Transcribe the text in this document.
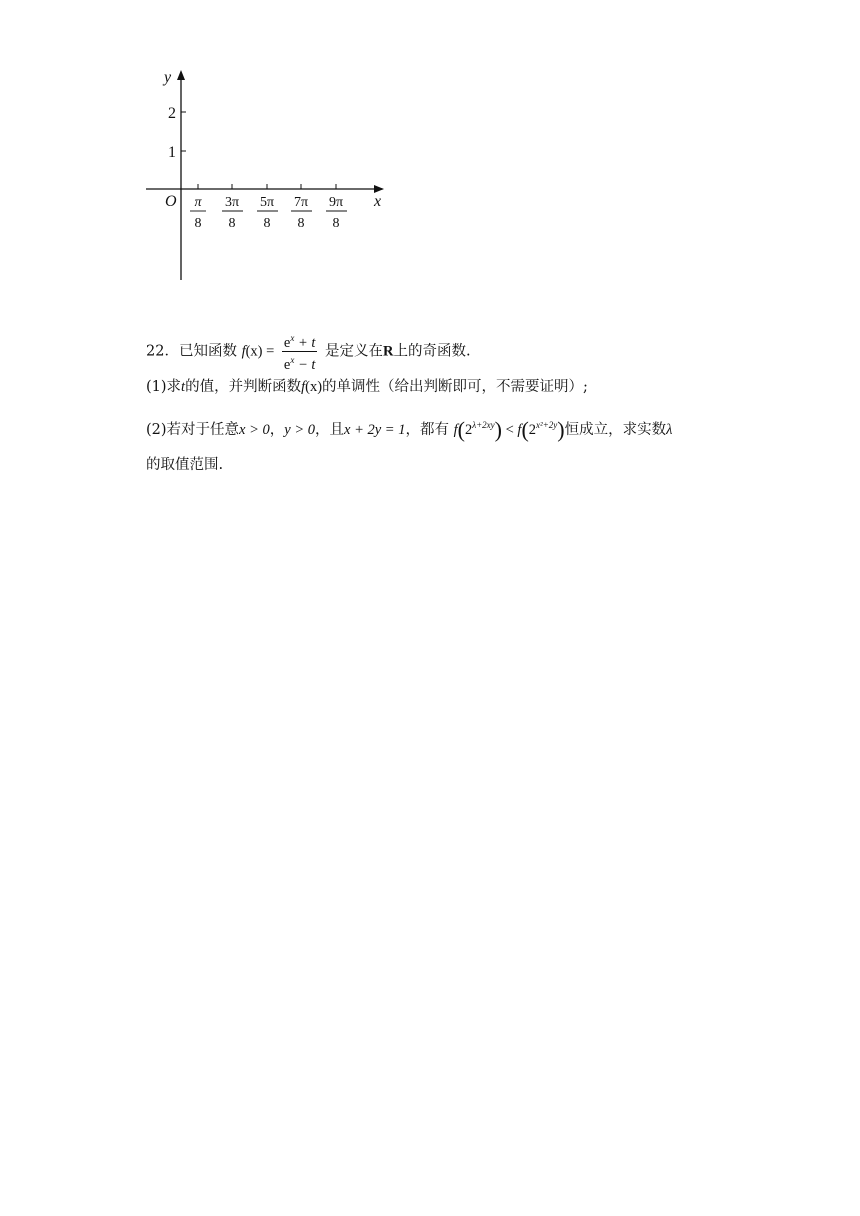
y
x
O
2
1
π
8
3π
8
5π
8
7π
8
9π
8
22．已知函数 $f(x) = \frac{e^x + t}{e^x - t}$ 是定义在R上的奇函数.
(1)求t的值，并判断函数f(x)的单调性（给出判断即可，不需要证明）;
(2)若对于任意x > 0，y > 0，且x + 2y = 1，都有 $f(2^{\lambda+2xy}) < f(2^{x^2+2y})$恒成立，求实数λ
的取值范围.
